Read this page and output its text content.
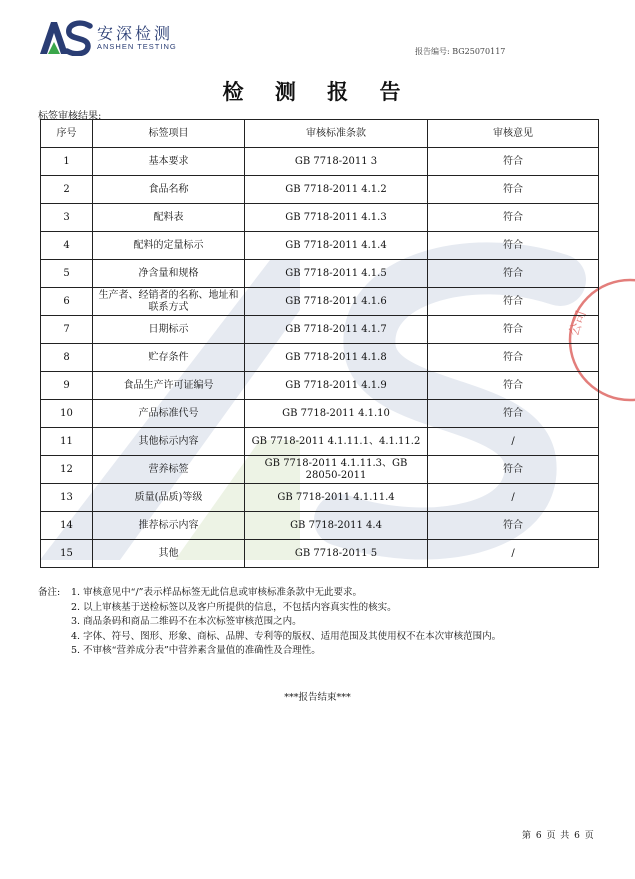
公司
安深检测
ANSHEN TESTING
报告编号: BG25070117
检 测 报 告
标签审核结果:
序号	标签项目	审核标准条款	审核意见
1	基本要求	GB 7718-2011 3	符合
2	食品名称	GB 7718-2011 4.1.2	符合
3	配料表	GB 7718-2011 4.1.3	符合
4	配料的定量标示	GB 7718-2011 4.1.4	符合
5	净含量和规格	GB 7718-2011 4.1.5	符合
6	生产者、经销者的名称、地址和联系方式	GB 7718-2011 4.1.6	符合
7	日期标示	GB 7718-2011 4.1.7	符合
8	贮存条件	GB 7718-2011 4.1.8	符合
9	食品生产许可证编号	GB 7718-2011 4.1.9	符合
10	产品标准代号	GB 7718-2011 4.1.10	符合
11	其他标示内容	GB 7718-2011 4.1.11.1、4.1.11.2	/
12	营养标签	GB 7718-2011 4.1.11.3、GB 28050-2011	符合
13	质量(品质)等级	GB 7718-2011 4.1.11.4	/
14	推荐标示内容	GB 7718-2011 4.4	符合
15	其他	GB 7718-2011 5	/
备注:	1. 审核意见中“/”表示样品标签无此信息或审核标准条款中无此要求。
2. 以上审核基于送检标签以及客户所提供的信息，不包括内容真实性的核实。
3. 商品条码和商品二维码不在本次标签审核范围之内。
4. 字体、符号、图形、形象、商标、品牌、专利等的版权、适用范围及其使用权不在本次审核范围内。
5. 不审核“营养成分表”中营养素含量值的准确性及合理性。
***报告结束***
第 6 页 共 6 页
